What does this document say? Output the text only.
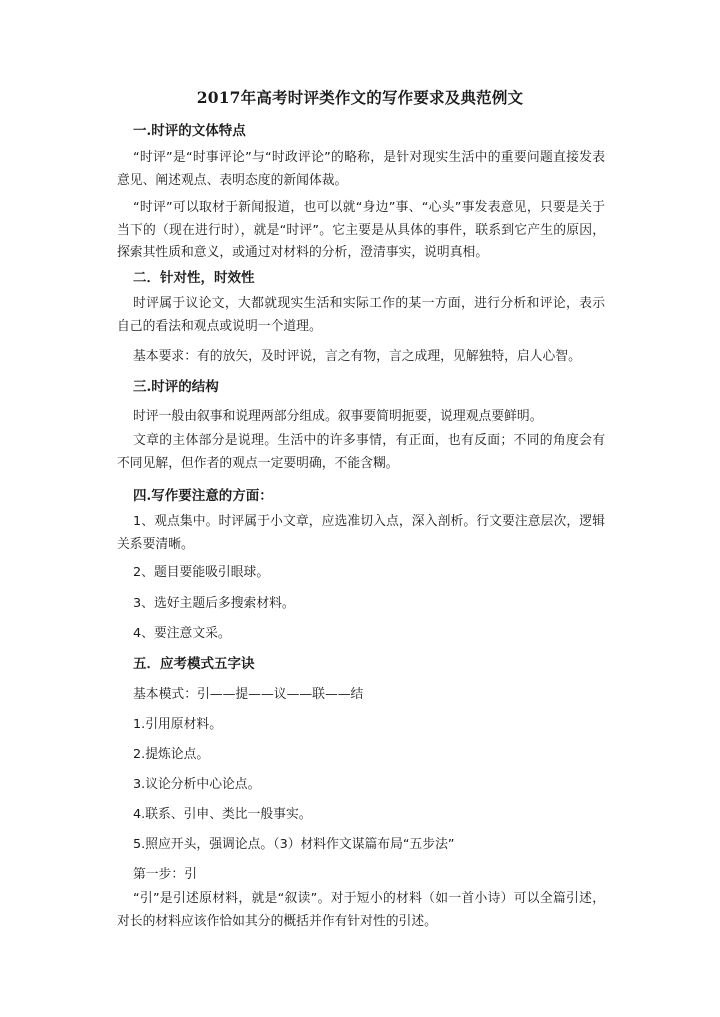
2017年高考时评类作文的写作要求及典范例文
一.时评的文体特点
“时评”是“时事评论”与“时政评论”的略称，是针对现实生活中的重要问题直接发表意见、阐述观点、表明态度的新闻体裁。
“时评”可以取材于新闻报道，也可以就“身边”事、“心头”事发表意见，只要是关于当下的（现在进行时），就是“时评”。它主要是从具体的事件，联系到它产生的原因，探索其性质和意义，或通过对材料的分析，澄清事实，说明真相。
二．针对性，时效性
时评属于议论文，大都就现实生活和实际工作的某一方面，进行分析和评论，表示自己的看法和观点或说明一个道理。
基本要求：有的放矢，及时评说，言之有物，言之成理，见解独特，启人心智。
三.时评的结构
时评一般由叙事和说理两部分组成。叙事要简明扼要，说理观点要鲜明。
文章的主体部分是说理。生活中的许多事情，有正面，也有反面；不同的角度会有不同见解，但作者的观点一定要明确，不能含糊。
四.写作要注意的方面：
1、观点集中。时评属于小文章，应选准切入点，深入剖析。行文要注意层次，逻辑关系要清晰。
2、题目要能吸引眼球。
3、选好主题后多搜索材料。
4、要注意文采。
五．应考模式五字诀
基本模式：引——提——议——联——结
1.引用原材料。
2.提炼论点。
3.议论分析中心论点。
4.联系、引申、类比一般事实。
5.照应开头，强调论点。（3）材料作文谋篇布局“五步法”
第一步：引
“引”是引述原材料，就是“叙读”。对于短小的材料（如一首小诗）可以全篇引述，对长的材料应该作恰如其分的概括并作有针对性的引述。
